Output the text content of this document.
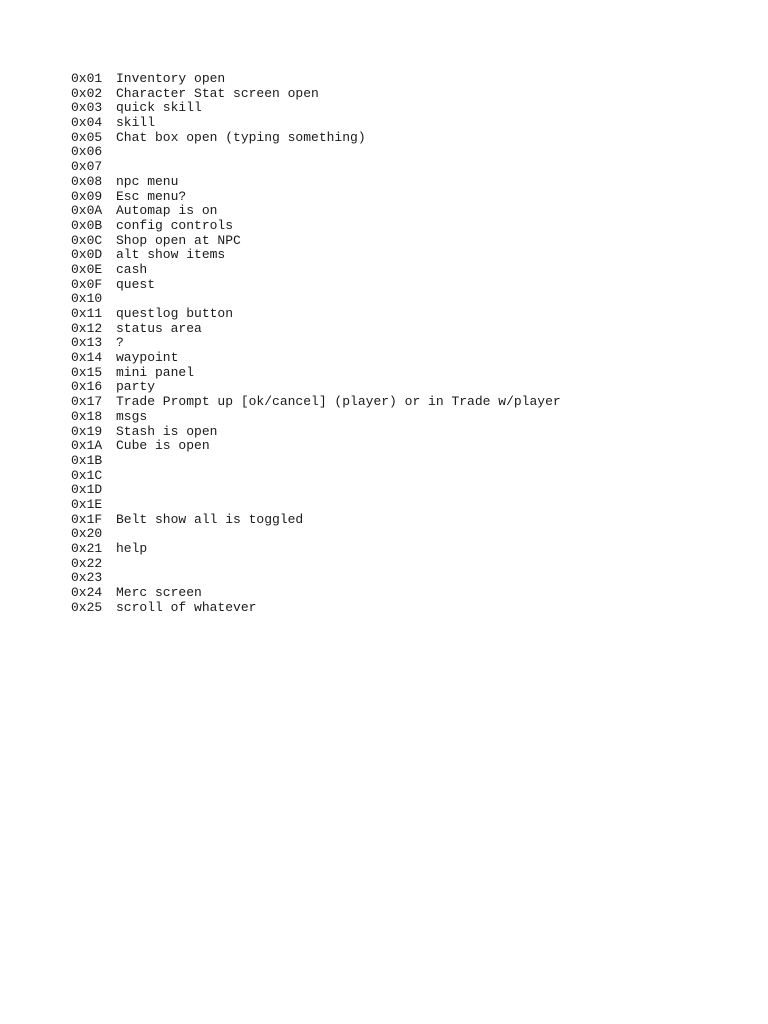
0x01	Inventory open
0x02	Character Stat screen open
0x03	quick skill
0x04	skill
0x05	Chat box open (typing something)
0x06
0x07
0x08	npc menu
0x09	Esc menu?
0x0A	Automap is on
0x0B	config controls
0x0C	Shop open at NPC
0x0D	alt show items
0x0E	cash
0x0F	quest
0x10
0x11	questlog button
0x12	status area
0x13	?
0x14	waypoint
0x15	mini panel
0x16	party
0x17	Trade Prompt up [ok/cancel] (player) or in Trade w/player
0x18	msgs
0x19	Stash is open
0x1A	Cube is open
0x1B
0x1C
0x1D
0x1E
0x1F	Belt show all is toggled
0x20
0x21	help
0x22
0x23
0x24	Merc screen
0x25	scroll of whatever
